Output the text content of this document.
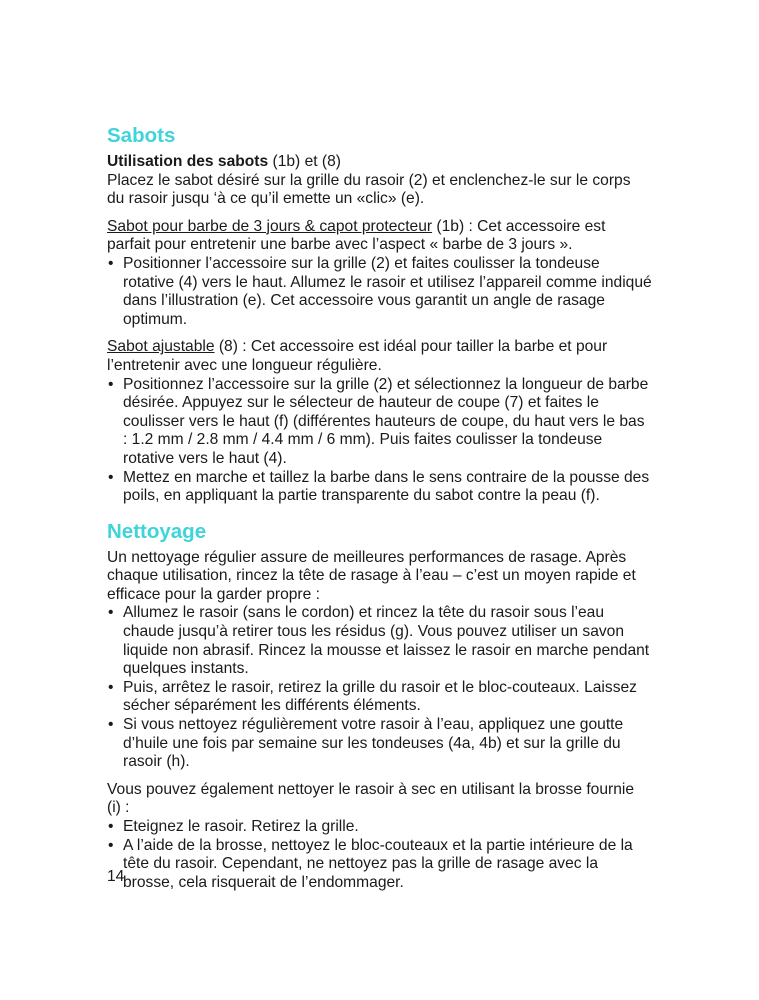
Sabots

Utilisation des sabots (1b) et (8)
Placez le sabot désiré sur la grille du rasoir (2) et enclenchez-le sur le corps du rasoir jusqu ‘à ce qu’il emette un «clic» (e).

Sabot pour barbe de 3 jours & capot protecteur (1b) : Cet accessoire est parfait pour entretenir une barbe avec l’aspect « barbe de 3 jours ».

• Positionner l’accessoire sur la grille (2) et faites coulisser la tondeuse rotative (4) vers le haut. Allumez le rasoir et utilisez l’appareil comme indiqué dans l’illustration (e). Cet accessoire vous garantit un angle de rasage optimum.

Sabot ajustable (8) : Cet accessoire est idéal pour tailler la barbe et pour l’entretenir avec une longueur régulière.

• Positionnez l’accessoire sur la grille (2) et sélectionnez la longueur de barbe désirée. Appuyez sur le sélecteur de hauteur de coupe (7) et faites le coulisser vers le haut (f) (différentes hauteurs de coupe, du haut vers le bas : 1.2 mm / 2.8 mm / 4.4 mm / 6 mm). Puis faites coulisser la tondeuse rotative vers le haut (4).
• Mettez en marche et taillez la barbe dans le sens contraire de la pousse des poils, en appliquant la partie transparente du sabot contre la peau (f).
Nettoyage

Un nettoyage régulier assure de meilleures performances de rasage. Après chaque utilisation, rincez la tête de rasage à l’eau – c’est un moyen rapide et efficace pour la garder propre :

• Allumez le rasoir (sans le cordon) et rincez la tête du rasoir sous l’eau chaude jusqu’à retirer tous les résidus (g). Vous pouvez utiliser un savon liquide non abrasif. Rincez la mousse et laissez le rasoir en marche pendant quelques instants.
• Puis, arrêtez le rasoir, retirez la grille du rasoir et le bloc-couteaux. Laissez sécher séparément les différents éléments.
• Si vous nettoyez régulièrement votre rasoir à l’eau, appliquez une goutte d’huile une fois par semaine sur les tondeuses (4a, 4b) et sur la grille du rasoir (h).

Vous pouvez également nettoyer le rasoir à sec en utilisant la brosse fournie (i) :

• Eteignez le rasoir. Retirez la grille.
• A l’aide de la brosse, nettoyez le bloc-couteaux et la partie intérieure de la tête du rasoir. Cependant, ne nettoyez pas la grille de rasage avec la brosse, cela risquerait de l’endommager.
14
